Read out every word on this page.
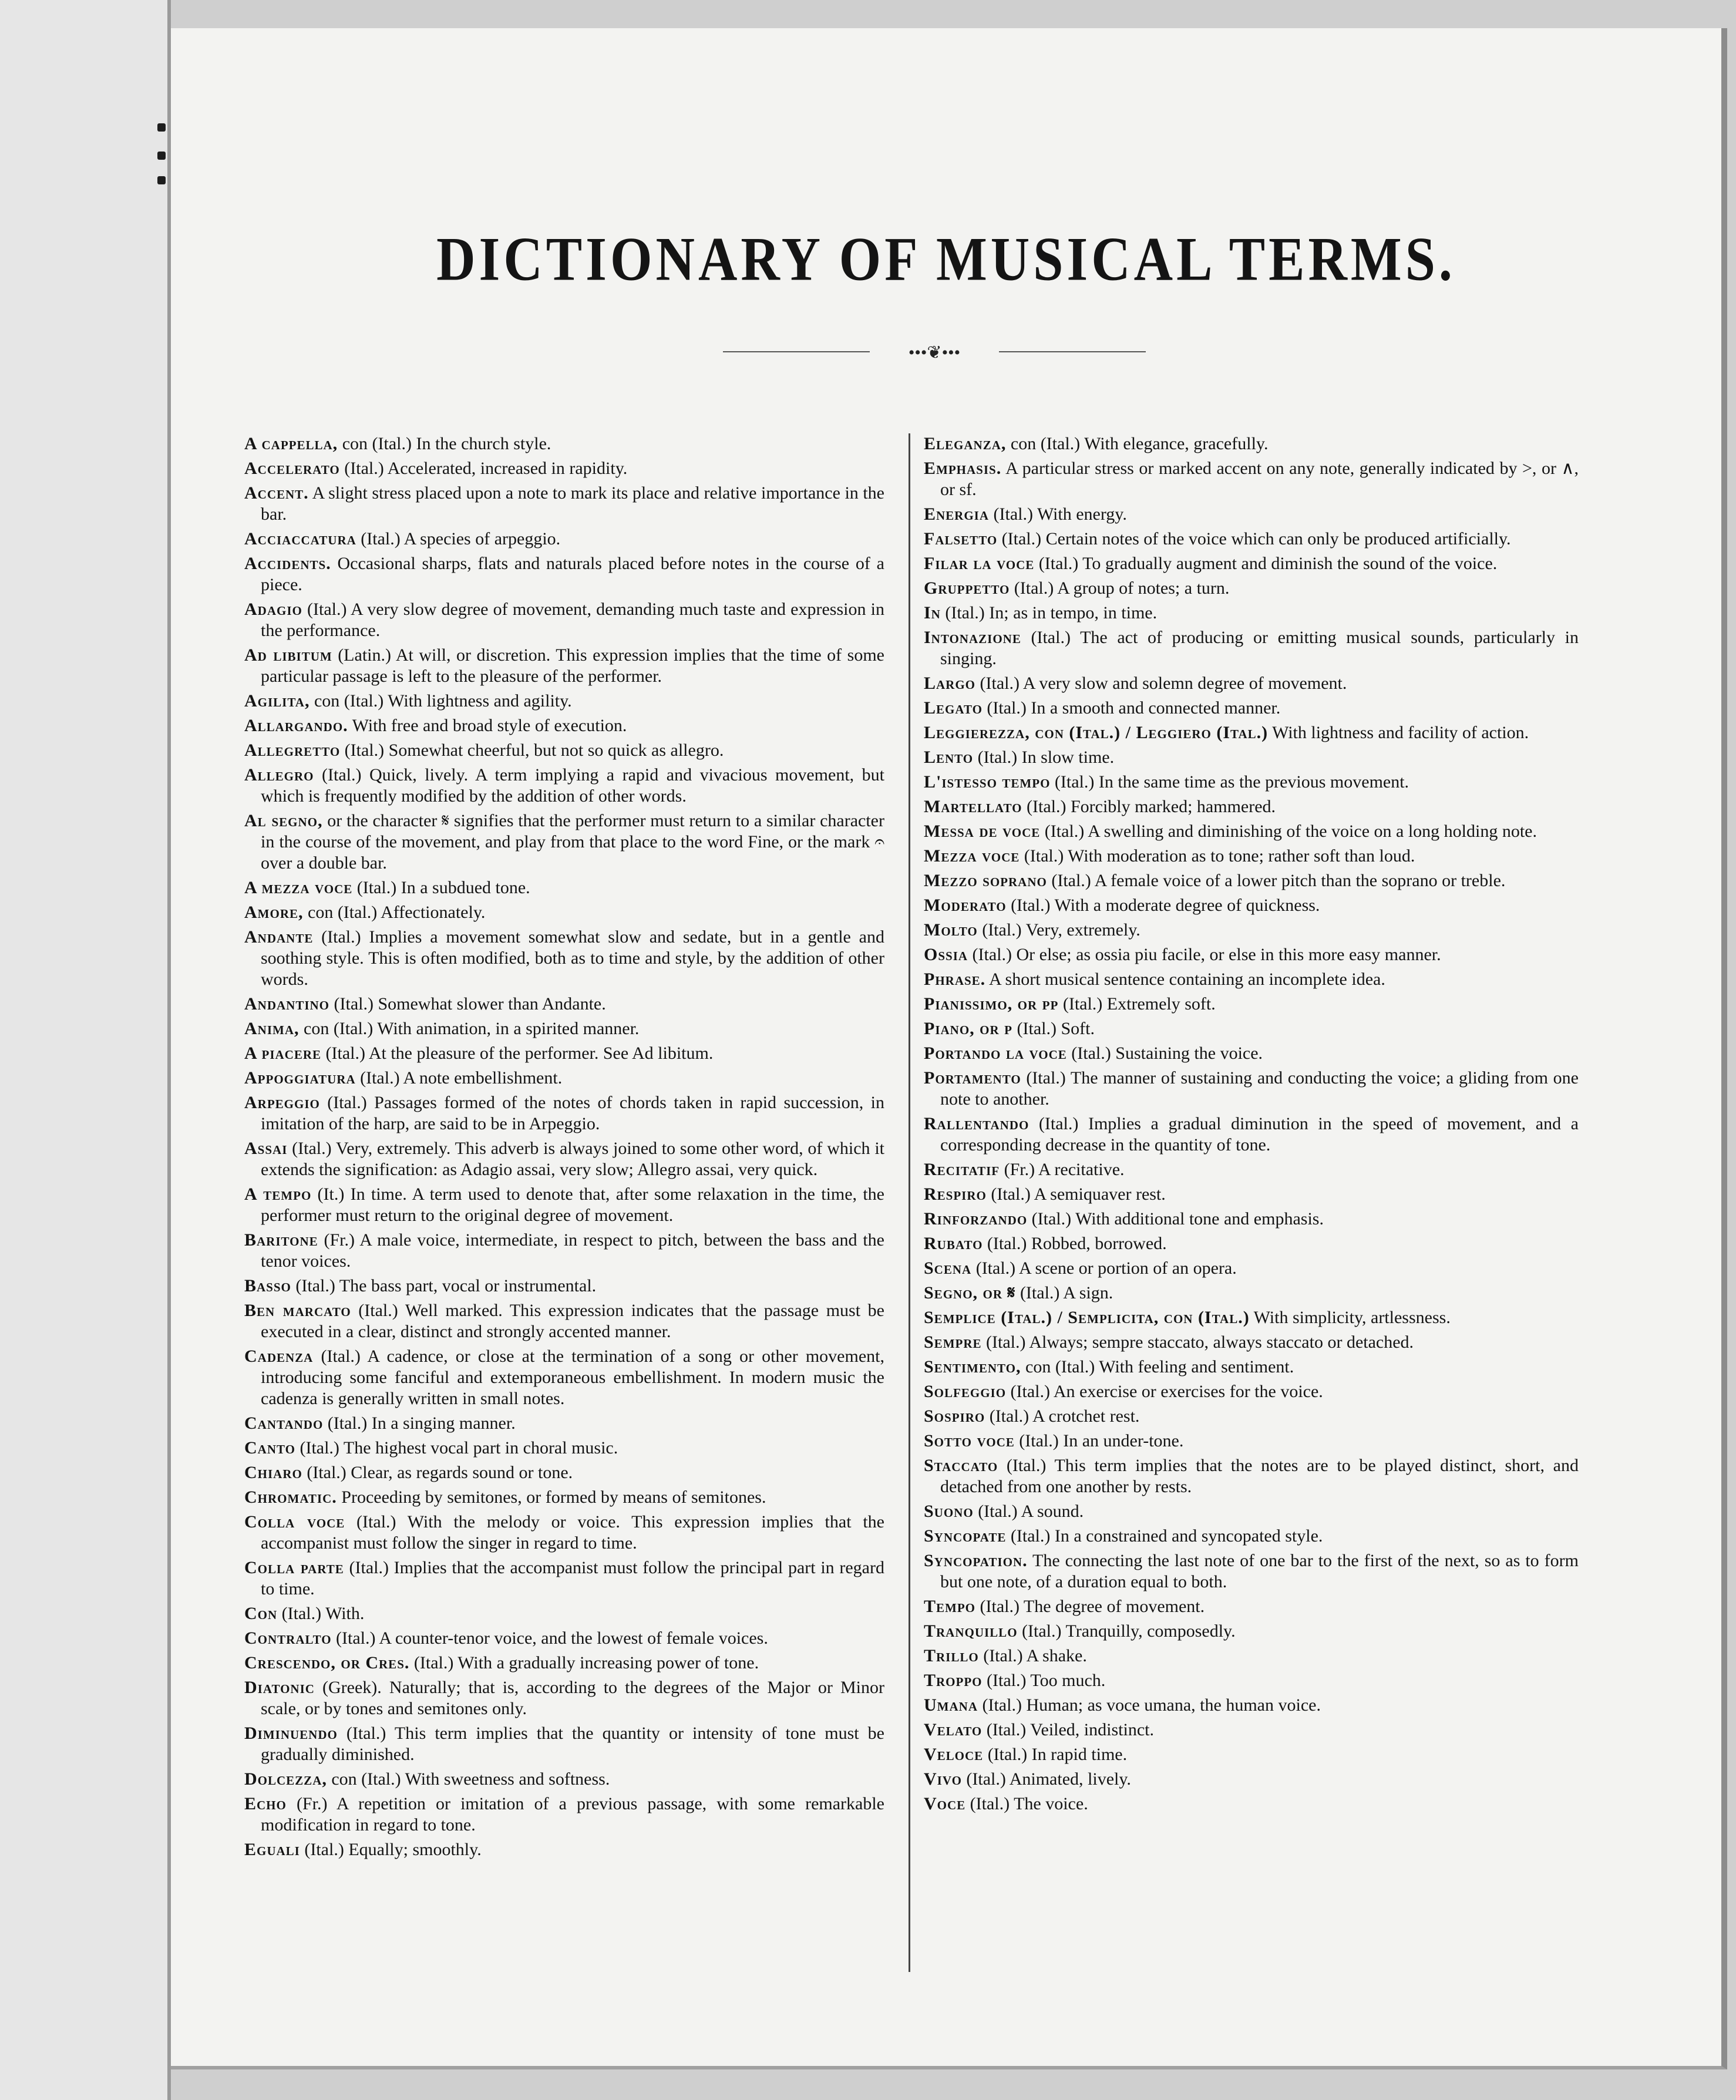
DICTIONARY OF MUSICAL TERMS.
•••❦•••

A cappella, con (Ital.) In the church style.

Accelerato (Ital.) Accelerated, increased in rapidity.

Accent. A slight stress placed upon a note to mark its place and relative importance in the bar.

Acciaccatura (Ital.) A species of arpeggio.

Accidents. Occasional sharps, flats and naturals placed before notes in the course of a piece.

Adagio (Ital.) A very slow degree of movement, demanding much taste and expression in the performance.

Ad libitum (Latin.) At will, or discretion. This expression implies that the time of some particular passage is left to the pleasure of the performer.

Agilita, con (Ital.) With lightness and agility.

Allargando. With free and broad style of execution.

Allegretto (Ital.) Somewhat cheerful, but not so quick as allegro.

Allegro (Ital.) Quick, lively. A term implying a rapid and vivacious movement, but which is frequently modified by the addition of other words.

Al segno, or the character 𝄋 signifies that the performer must return to a similar character in the course of the movement, and play from that place to the word Fine, or the mark 𝄐 over a double bar.

A mezza voce (Ital.) In a subdued tone.

Amore, con (Ital.) Affectionately.

Andante (Ital.) Implies a movement somewhat slow and sedate, but in a gentle and soothing style. This is often modified, both as to time and style, by the addition of other words.

Andantino (Ital.) Somewhat slower than Andante.

Anima, con (Ital.) With animation, in a spirited manner.

A piacere (Ital.) At the pleasure of the performer. See Ad libitum.

Appoggiatura (Ital.) A note embellishment.

Arpeggio (Ital.) Passages formed of the notes of chords taken in rapid succession, in imitation of the harp, are said to be in Arpeggio.

Assai (Ital.) Very, extremely. This adverb is always joined to some other word, of which it extends the signification: as Adagio assai, very slow; Allegro assai, very quick.

A tempo (It.) In time. A term used to denote that, after some relaxation in the time, the performer must return to the original degree of movement.

Baritone (Fr.) A male voice, intermediate, in respect to pitch, between the bass and the tenor voices.

Basso (Ital.) The bass part, vocal or instrumental.

Ben marcato (Ital.) Well marked. This expression indicates that the passage must be executed in a clear, distinct and strongly accented manner.

Cadenza (Ital.) A cadence, or close at the termination of a song or other movement, introducing some fanciful and extemporaneous embellishment. In modern music the cadenza is generally written in small notes.

Cantando (Ital.) In a singing manner.

Canto (Ital.) The highest vocal part in choral music.

Chiaro (Ital.) Clear, as regards sound or tone.

Chromatic. Proceeding by semitones, or formed by means of semitones.

Colla voce (Ital.) With the melody or voice. This expression implies that the accompanist must follow the singer in regard to time.

Colla parte (Ital.) Implies that the accompanist must follow the principal part in regard to time.

Con (Ital.) With.

Contralto (Ital.) A counter-tenor voice, and the lowest of female voices.

Crescendo, or Cres. (Ital.) With a gradually increasing power of tone.

Diatonic (Greek). Naturally; that is, according to the degrees of the Major or Minor scale, or by tones and semitones only.

Diminuendo (Ital.) This term implies that the quantity or intensity of tone must be gradually diminished.

Dolcezza, con (Ital.) With sweetness and softness.

Echo (Fr.) A repetition or imitation of a previous passage, with some remarkable modification in regard to tone.

Eguali (Ital.) Equally; smoothly.

Eleganza, con (Ital.) With elegance, gracefully.

Emphasis. A particular stress or marked accent on any note, generally indicated by >, or ∧, or sf.

Energia (Ital.) With energy.

Falsetto (Ital.) Certain notes of the voice which can only be produced artificially.

Filar la voce (Ital.) To gradually augment and diminish the sound of the voice.

Gruppetto (Ital.) A group of notes; a turn.

In (Ital.) In; as in tempo, in time.

Intonazione (Ital.) The act of producing or emitting musical sounds, particularly in singing.

Largo (Ital.) A very slow and solemn degree of movement.

Legato (Ital.) In a smooth and connected manner.

Leggierezza, con (Ital.) / Leggiero (Ital.) With lightness and facility of action.

Lento (Ital.) In slow time.

L'istesso tempo (Ital.) In the same time as the previous movement.

Martellato (Ital.) Forcibly marked; hammered.

Messa de voce (Ital.) A swelling and diminishing of the voice on a long holding note.

Mezza voce (Ital.) With moderation as to tone; rather soft than loud.

Mezzo soprano (Ital.) A female voice of a lower pitch than the soprano or treble.

Moderato (Ital.) With a moderate degree of quickness.

Molto (Ital.) Very, extremely.

Ossia (Ital.) Or else; as ossia piu facile, or else in this more easy manner.

Phrase. A short musical sentence containing an incomplete idea.

Pianissimo, or pp (Ital.) Extremely soft.

Piano, or p (Ital.) Soft.

Portando la voce (Ital.) Sustaining the voice.

Portamento (Ital.) The manner of sustaining and conducting the voice; a gliding from one note to another.

Rallentando (Ital.) Implies a gradual diminution in the speed of movement, and a corresponding decrease in the quantity of tone.

Recitatif (Fr.) A recitative.

Respiro (Ital.) A semiquaver rest.

Rinforzando (Ital.) With additional tone and emphasis.

Rubato (Ital.) Robbed, borrowed.

Scena (Ital.) A scene or portion of an opera.

Segno, or 𝄋 (Ital.) A sign.

Semplice (Ital.) / Semplicita, con (Ital.) With simplicity, artlessness.

Sempre (Ital.) Always; sempre staccato, always staccato or detached.

Sentimento, con (Ital.) With feeling and sentiment.

Solfeggio (Ital.) An exercise or exercises for the voice.

Sospiro (Ital.) A crotchet rest.

Sotto voce (Ital.) In an under-tone.

Staccato (Ital.) This term implies that the notes are to be played distinct, short, and detached from one another by rests.

Suono (Ital.) A sound.

Syncopate (Ital.) In a constrained and syncopated style.

Syncopation. The connecting the last note of one bar to the first of the next, so as to form but one note, of a duration equal to both.

Tempo (Ital.) The degree of movement.

Tranquillo (Ital.) Tranquilly, composedly.

Trillo (Ital.) A shake.

Troppo (Ital.) Too much.

Umana (Ital.) Human; as voce umana, the human voice.

Velato (Ital.) Veiled, indistinct.

Veloce (Ital.) In rapid time.

Vivo (Ital.) Animated, lively.

Voce (Ital.) The voice.
